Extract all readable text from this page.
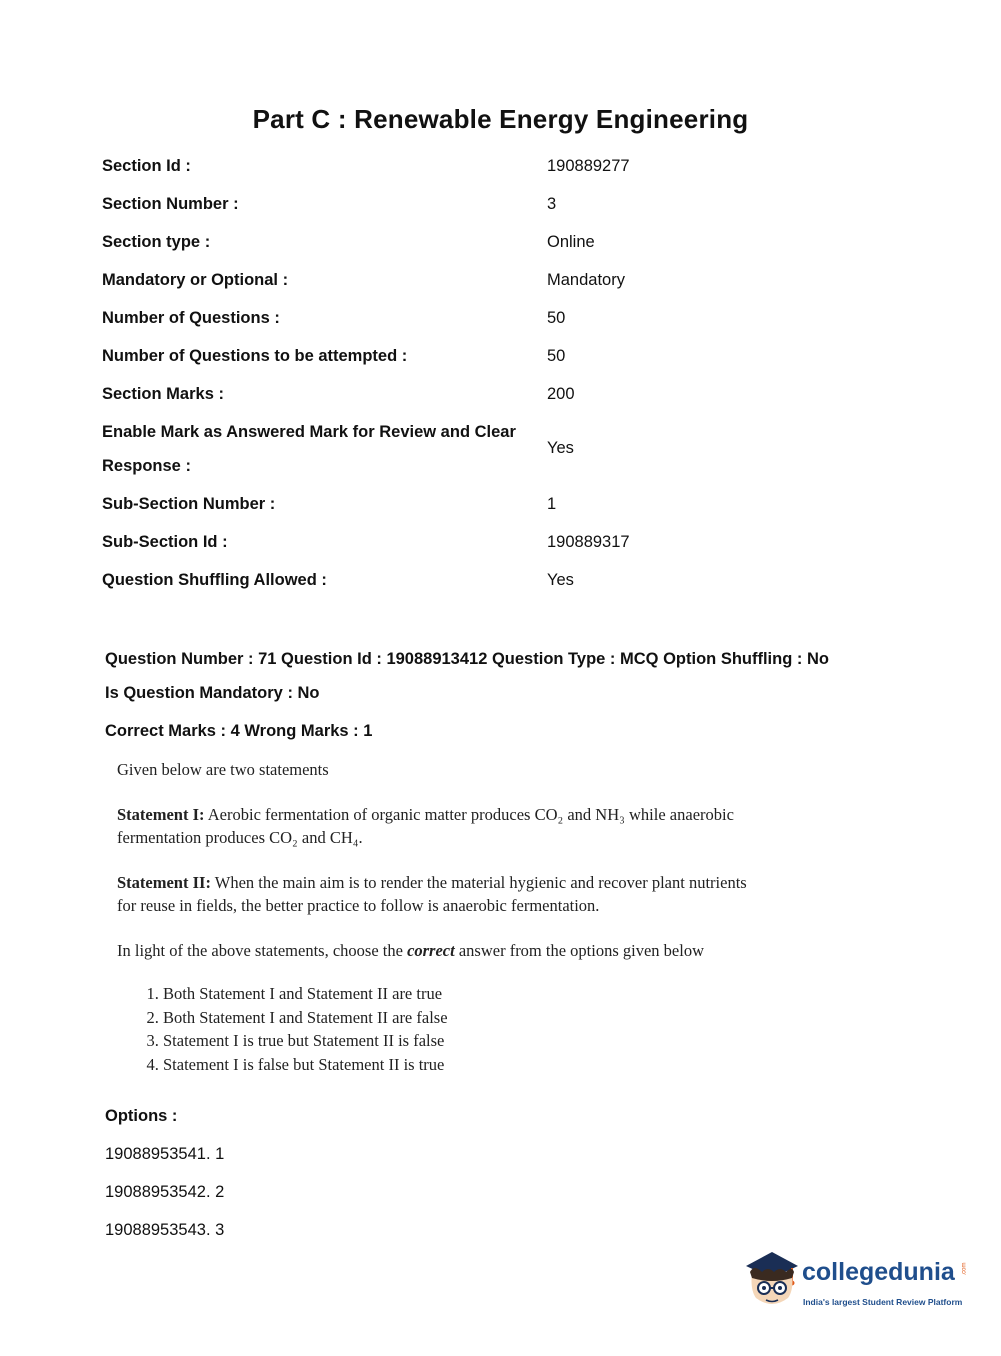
Part C : Renewable Energy Engineering
Section Id :	190889277
Section Number :	3
Section type :	Online
Mandatory or Optional :	Mandatory
Number of Questions :	50
Number of Questions to be attempted :	50
Section Marks :	200
Enable Mark as Answered Mark for Review and Clear Response :
Yes
Sub-Section Number :	1
Sub-Section Id :	190889317
Question Shuffling Allowed :	Yes
Question Number : 71 Question Id : 19088913412 Question Type : MCQ Option Shuffling : No
Is Question Mandatory : No
Correct Marks : 4 Wrong Marks : 1

Given below are two statements

Statement I: Aerobic fermentation of organic matter produces CO₂ and NH₃ while anaerobic fermentation produces CO₂ and CH₄.

Statement II: When the main aim is to render the material hygienic and recover plant nutrients for reuse in fields, the better practice to follow is anaerobic fermentation.

In light of the above statements, choose the correct answer from the options given below

1. Both Statement I and Statement II are true
2. Both Statement I and Statement II are false
3. Statement I is true but Statement II is false
4. Statement I is false but Statement II is true
Options :
19088953541. 1
19088953542. 2
19088953543. 3
collegedunia .com
India's largest Student Review Platform
